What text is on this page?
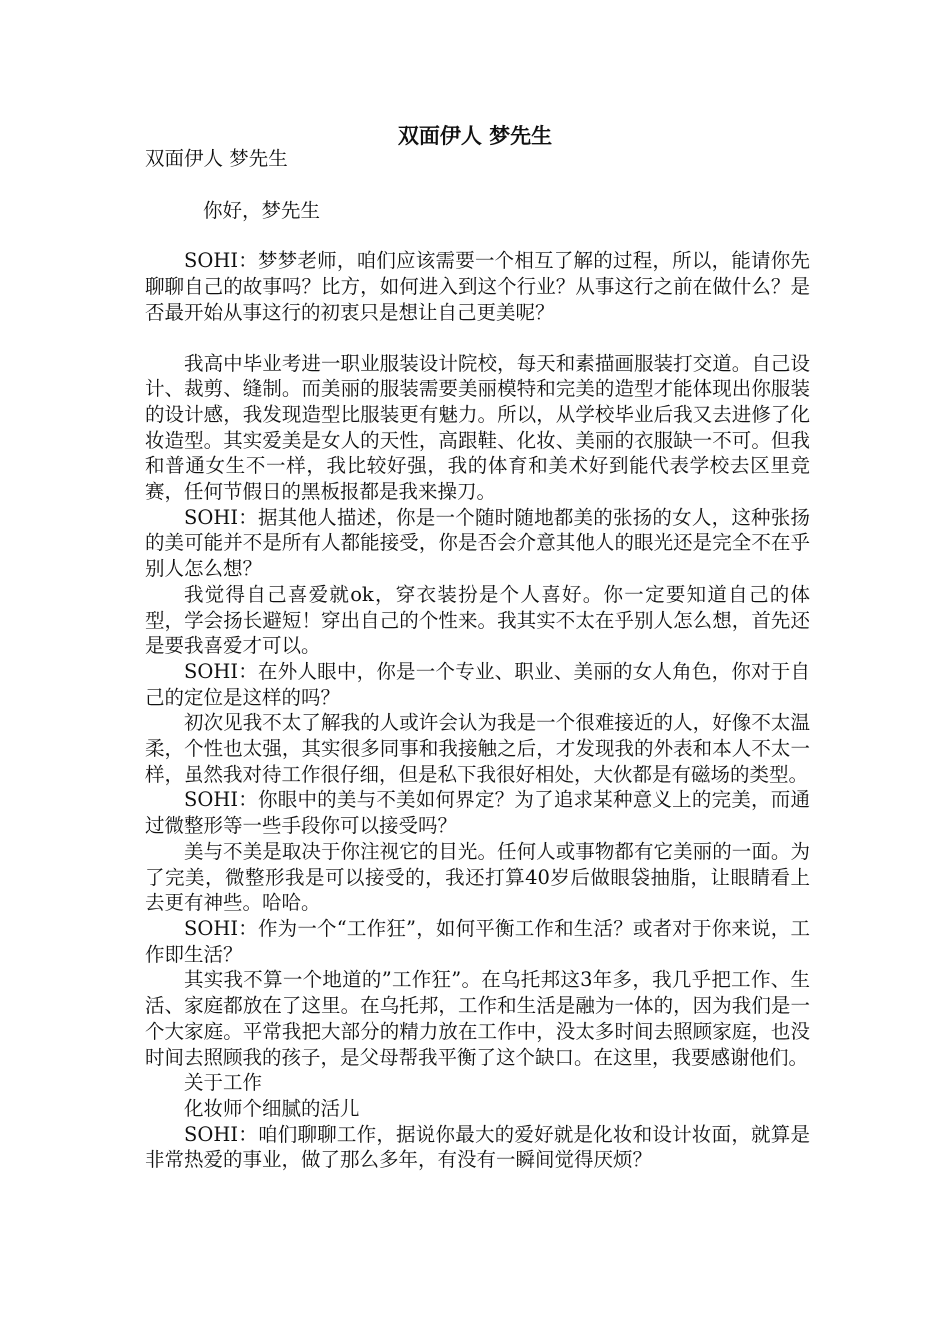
双面伊人 梦先生

双面伊人 梦先生

你好，梦先生

SOHI：梦梦老师，咱们应该需要一个相互了解的过程，所以，能请你先聊聊自己的故事吗？比方，如何进入到这个行业？从事这行之前在做什么？是否最开始从事这行的初衷只是想让自己更美呢？

我高中毕业考进一职业服装设计院校，每天和素描画服装打交道。自己设计、裁剪、缝制。而美丽的服装需要美丽模特和完美的造型才能体现出你服装的设计感，我发现造型比服装更有魅力。所以，从学校毕业后我又去进修了化妆造型。其实爱美是女人的天性，高跟鞋、化妆、美丽的衣服缺一不可。但我和普通女生不一样，我比较好强，我的体育和美术好到能代表学校去区里竞赛，任何节假日的黑板报都是我来操刀。

SOHI：据其他人描述，你是一个随时随地都美的张扬的女人，这种张扬的美可能并不是所有人都能接受，你是否会介意其他人的眼光还是完全不在乎别人怎么想？

我觉得自己喜爱就ok，穿衣装扮是个人喜好。你一定要知道自己的体型，学会扬长避短！穿出自己的个性来。我其实不太在乎别人怎么想，首先还是要我喜爱才可以。

SOHI：在外人眼中，你是一个专业、职业、美丽的女人角色，你对于自己的定位是这样的吗？

初次见我不太了解我的人或许会认为我是一个很难接近的人，好像不太温柔，个性也太强，其实很多同事和我接触之后，才发现我的外表和本人不太一样，虽然我对待工作很仔细，但是私下我很好相处，大伙都是有磁场的类型。

SOHI：你眼中的美与不美如何界定？为了追求某种意义上的完美，而通过微整形等一些手段你可以接受吗？

美与不美是取决于你注视它的目光。任何人或事物都有它美丽的一面。为了完美，微整形我是可以接受的，我还打算40岁后做眼袋抽脂，让眼睛看上去更有神些。哈哈。

SOHI：作为一个“工作狂”，如何平衡工作和生活？或者对于你来说，工作即生活？

其实我不算一个地道的”工作狂”。在乌托邦这3年多，我几乎把工作、生活、家庭都放在了这里。在乌托邦，工作和生活是融为一体的，因为我们是一个大家庭。平常我把大部分的精力放在工作中，没太多时间去照顾家庭，也没时间去照顾我的孩子，是父母帮我平衡了这个缺口。在这里，我要感谢他们。

关于工作

化妆师个细腻的活儿

SOHI：咱们聊聊工作，据说你最大的爱好就是化妆和设计妆面，就算是非常热爱的事业，做了那么多年，有没有一瞬间觉得厌烦？
